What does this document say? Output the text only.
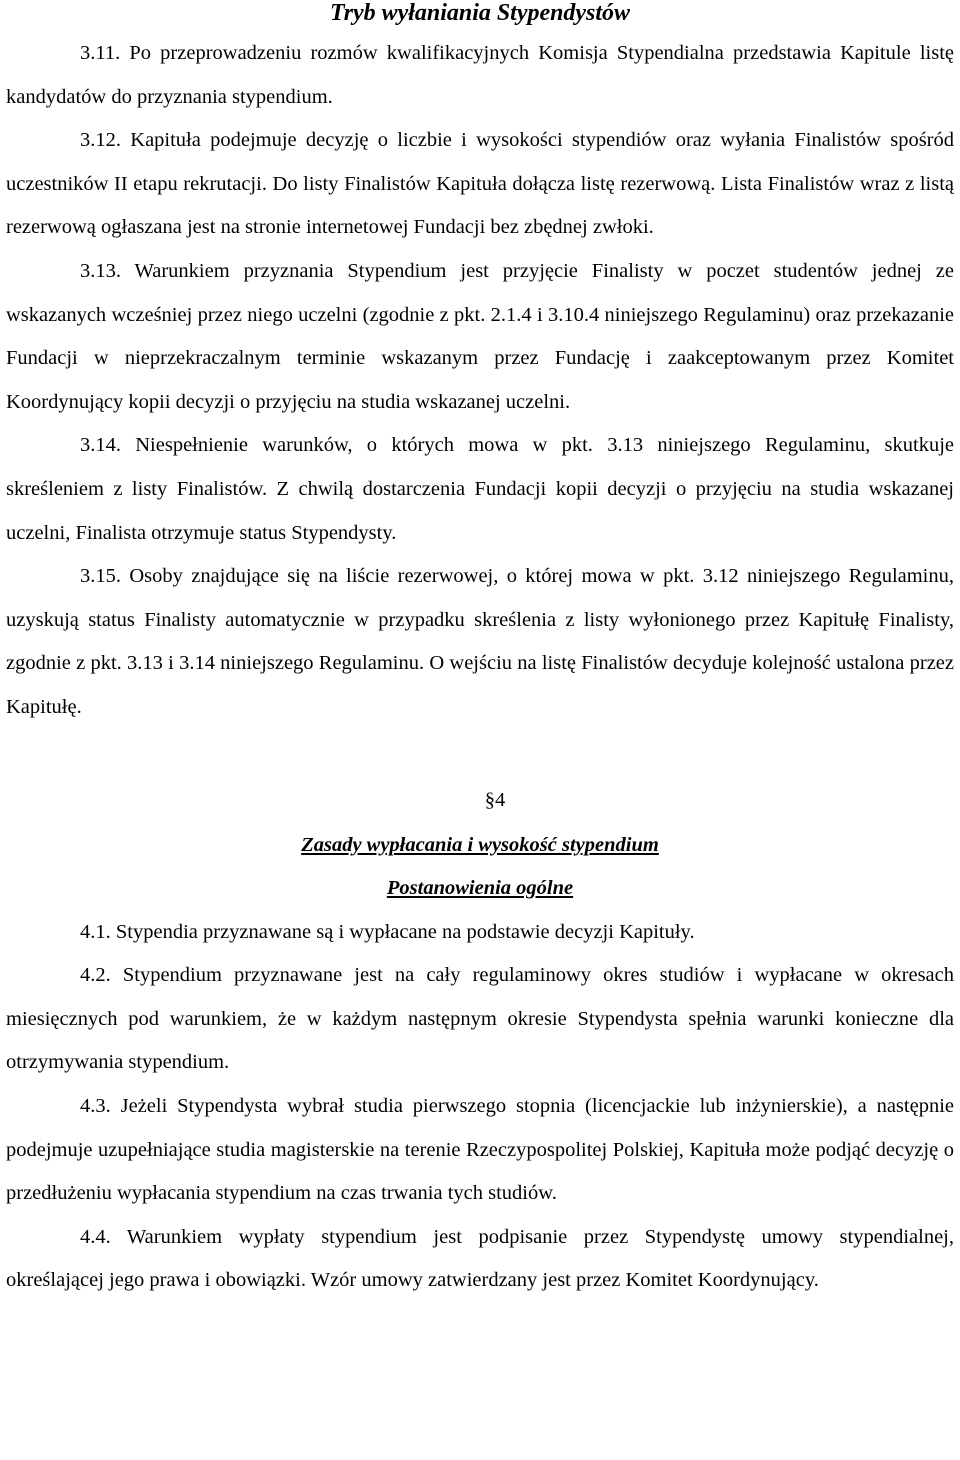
Tryb wyłaniania Stypendystów

3.11. Po przeprowadzeniu rozmów kwalifikacyjnych Komisja Stypendialna przedstawia Kapitule listę kandydatów do przyznania stypendium.

3.12. Kapituła podejmuje decyzję o liczbie i wysokości stypendiów oraz wyłania Finalistów spośród uczestników II etapu rekrutacji. Do listy Finalistów Kapituła dołącza listę rezerwową. Lista Finalistów wraz z listą rezerwową ogłaszana jest na stronie internetowej Fundacji bez zbędnej zwłoki.

3.13. Warunkiem przyznania Stypendium jest przyjęcie Finalisty w poczet studentów jednej ze wskazanych wcześniej przez niego uczelni (zgodnie z pkt. 2.1.4 i 3.10.4 niniejszego Regulaminu) oraz przekazanie Fundacji w nieprzekraczalnym terminie wskazanym przez Fundację i zaakceptowanym przez Komitet Koordynujący kopii decyzji o przyjęciu na studia wskazanej uczelni.

3.14. Niespełnienie warunków, o których mowa w pkt. 3.13 niniejszego Regulaminu, skutkuje skreśleniem z listy Finalistów. Z chwilą dostarczenia Fundacji kopii decyzji o przyjęciu na studia wskazanej uczelni, Finalista otrzymuje status Stypendysty.

3.15. Osoby znajdujące się na liście rezerwowej, o której mowa w pkt. 3.12 niniejszego Regulaminu, uzyskują status Finalisty automatycznie w przypadku skreślenia z listy wyłonionego przez Kapitułę Finalisty, zgodnie z pkt. 3.13 i 3.14 niniejszego Regulaminu. O wejściu na listę Finalistów decyduje kolejność ustalona przez Kapitułę.

§4
Zasady wypłacania i wysokość stypendium
Postanowienia ogólne

4.1. Stypendia przyznawane są i wypłacane na podstawie decyzji Kapituły.

4.2. Stypendium przyznawane jest na cały regulaminowy okres studiów i wypłacane w okresach miesięcznych pod warunkiem, że w każdym następnym okresie Stypendysta spełnia warunki konieczne dla otrzymywania stypendium.

4.3. Jeżeli Stypendysta wybrał studia pierwszego stopnia (licencjackie lub inżynierskie), a następnie podejmuje uzupełniające studia magisterskie na terenie Rzeczypospolitej Polskiej, Kapituła może podjąć decyzję o przedłużeniu wypłacania stypendium na czas trwania tych studiów.

4.4. Warunkiem wypłaty stypendium jest podpisanie przez Stypendystę umowy stypendialnej, określającej jego prawa i obowiązki. Wzór umowy zatwierdzany jest przez Komitet Koordynujący.
